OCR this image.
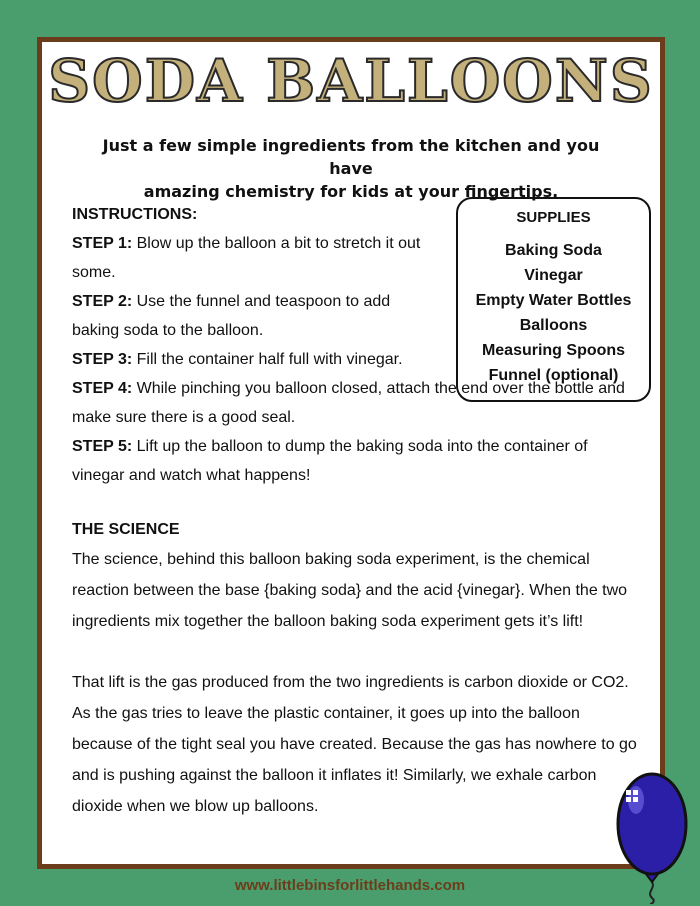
SODA BALLOONS
Just a few simple ingredients from the kitchen and you have
amazing chemistry for kids at your fingertips.
INSTRUCTIONS:
STEP 1: Blow up the balloon a bit to stretch it out some.
STEP 2: Use the funnel and teaspoon to add baking soda to the balloon.
STEP 3: Fill the container half full with vinegar.
STEP 4: While pinching you balloon closed, attach the end over the bottle and make sure there is a good seal.
STEP 5: Lift up the balloon to dump the baking soda into the container of vinegar and watch what happens!
SUPPLIES
Baking Soda
Vinegar
Empty Water Bottles
Balloons
Measuring Spoons
Funnel (optional)
THE SCIENCE

The science, behind this balloon baking soda experiment, is the chemical reaction between the base {baking soda} and the acid {vinegar}. When the two ingredients mix together the balloon baking soda experiment gets it’s lift!

That lift is the gas produced from the two ingredients is carbon dioxide or CO2. As the gas tries to leave the plastic container, it goes up into the balloon because of the tight seal you have created. Because the gas has nowhere to go and is pushing against the balloon it inflates it! Similarly, we exhale carbon dioxide when we blow up balloons.

www.littlebinsforlittlehands.com
